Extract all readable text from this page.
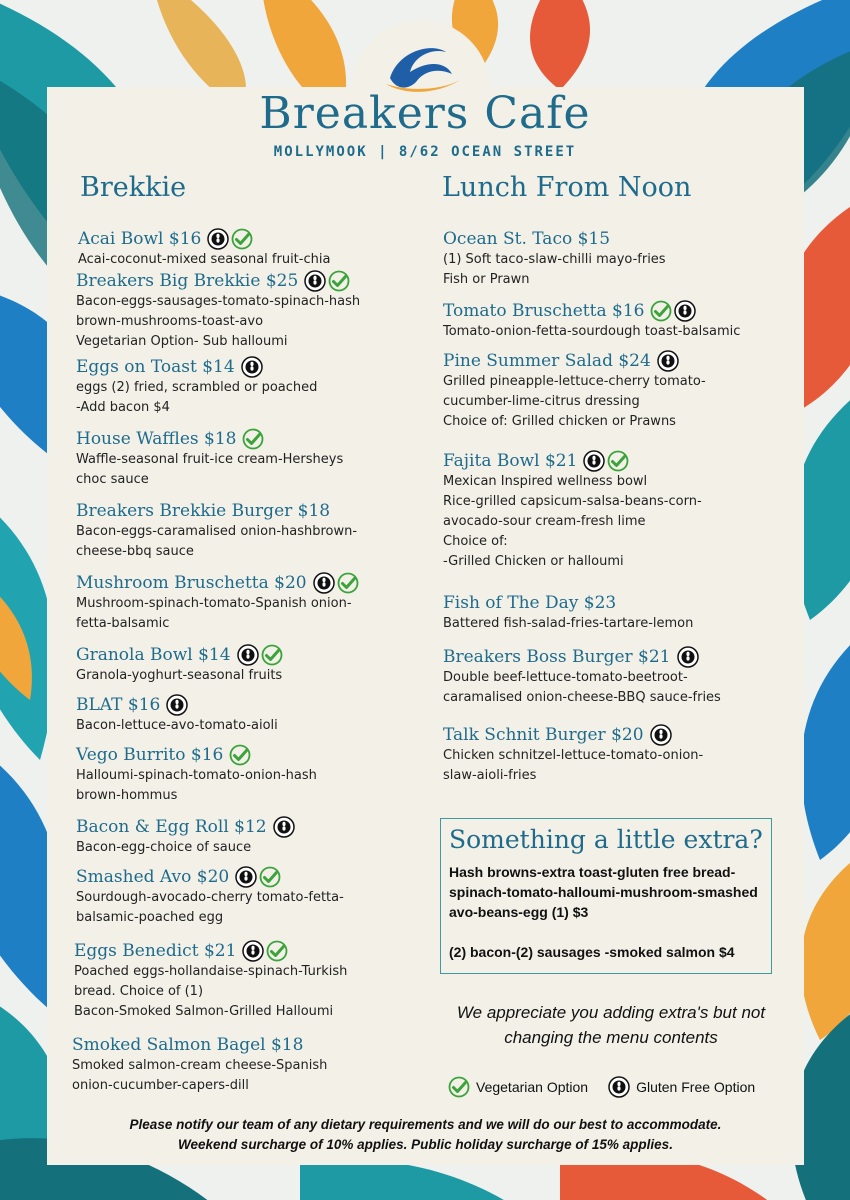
Breakers Cafe
MOLLYMOOK | 8/62 OCEAN STREET
Brekkie	Lunch From Noon
Acai Bowl $16
Acai-coconut-mixed seasonal fruit-chia
Breakers Big Brekkie $25
Bacon-eggs-sausages-tomato-spinach-hash
brown-mushrooms-toast-avo
Vegetarian Option- Sub halloumi
Eggs on Toast $14
eggs (2) fried, scrambled or poached
-Add bacon $4
House Waffles $18
Waffle-seasonal fruit-ice cream-Hersheys
choc sauce
Breakers Brekkie Burger $18
Bacon-eggs-caramalised onion-hashbrown-
cheese-bbq sauce
Mushroom Bruschetta $20
Mushroom-spinach-tomato-Spanish onion-
fetta-balsamic
Granola Bowl $14
Granola-yoghurt-seasonal fruits
BLAT $16
Bacon-lettuce-avo-tomato-aioli
Vego Burrito $16
Halloumi-spinach-tomato-onion-hash
brown-hommus
Bacon & Egg Roll $12
Bacon-egg-choice of sauce
Smashed Avo $20
Sourdough-avocado-cherry tomato-fetta-
balsamic-poached egg
Eggs Benedict $21
Poached eggs-hollandaise-spinach-Turkish
bread. Choice of (1)
Bacon-Smoked Salmon-Grilled Halloumi
Smoked Salmon Bagel $18
Smoked salmon-cream cheese-Spanish
onion-cucumber-capers-dill
Ocean St. Taco $15
(1) Soft taco-slaw-chilli mayo-fries
Fish or Prawn
Tomato Bruschetta $16
Tomato-onion-fetta-sourdough toast-balsamic
Pine Summer Salad $24
Grilled pineapple-lettuce-cherry tomato-
cucumber-lime-citrus dressing
Choice of: Grilled chicken or Prawns
Fajita Bowl $21
Mexican Inspired wellness bowl
Rice-grilled capsicum-salsa-beans-corn-
avocado-sour cream-fresh lime
Choice of:
-Grilled Chicken or halloumi
Fish of The Day $23
Battered fish-salad-fries-tartare-lemon
Breakers Boss Burger $21
Double beef-lettuce-tomato-beetroot-
caramalised onion-cheese-BBQ sauce-fries
Talk Schnit Burger $20
Chicken schnitzel-lettuce-tomato-onion-
slaw-aioli-fries
Something a little extra?
Hash browns-extra toast-gluten free bread-
spinach-tomato-halloumi-mushroom-smashed
avo-beans-egg (1) $3

(2) bacon-(2) sausages -smoked salmon $4
We appreciate you adding extra's but not
changing the menu contents
Vegetarian Option	Gluten Free Option
Please notify our team of any dietary requirements and we will do our best to accommodate.
Weekend surcharge of 10% applies. Public holiday surcharge of 15% applies.
